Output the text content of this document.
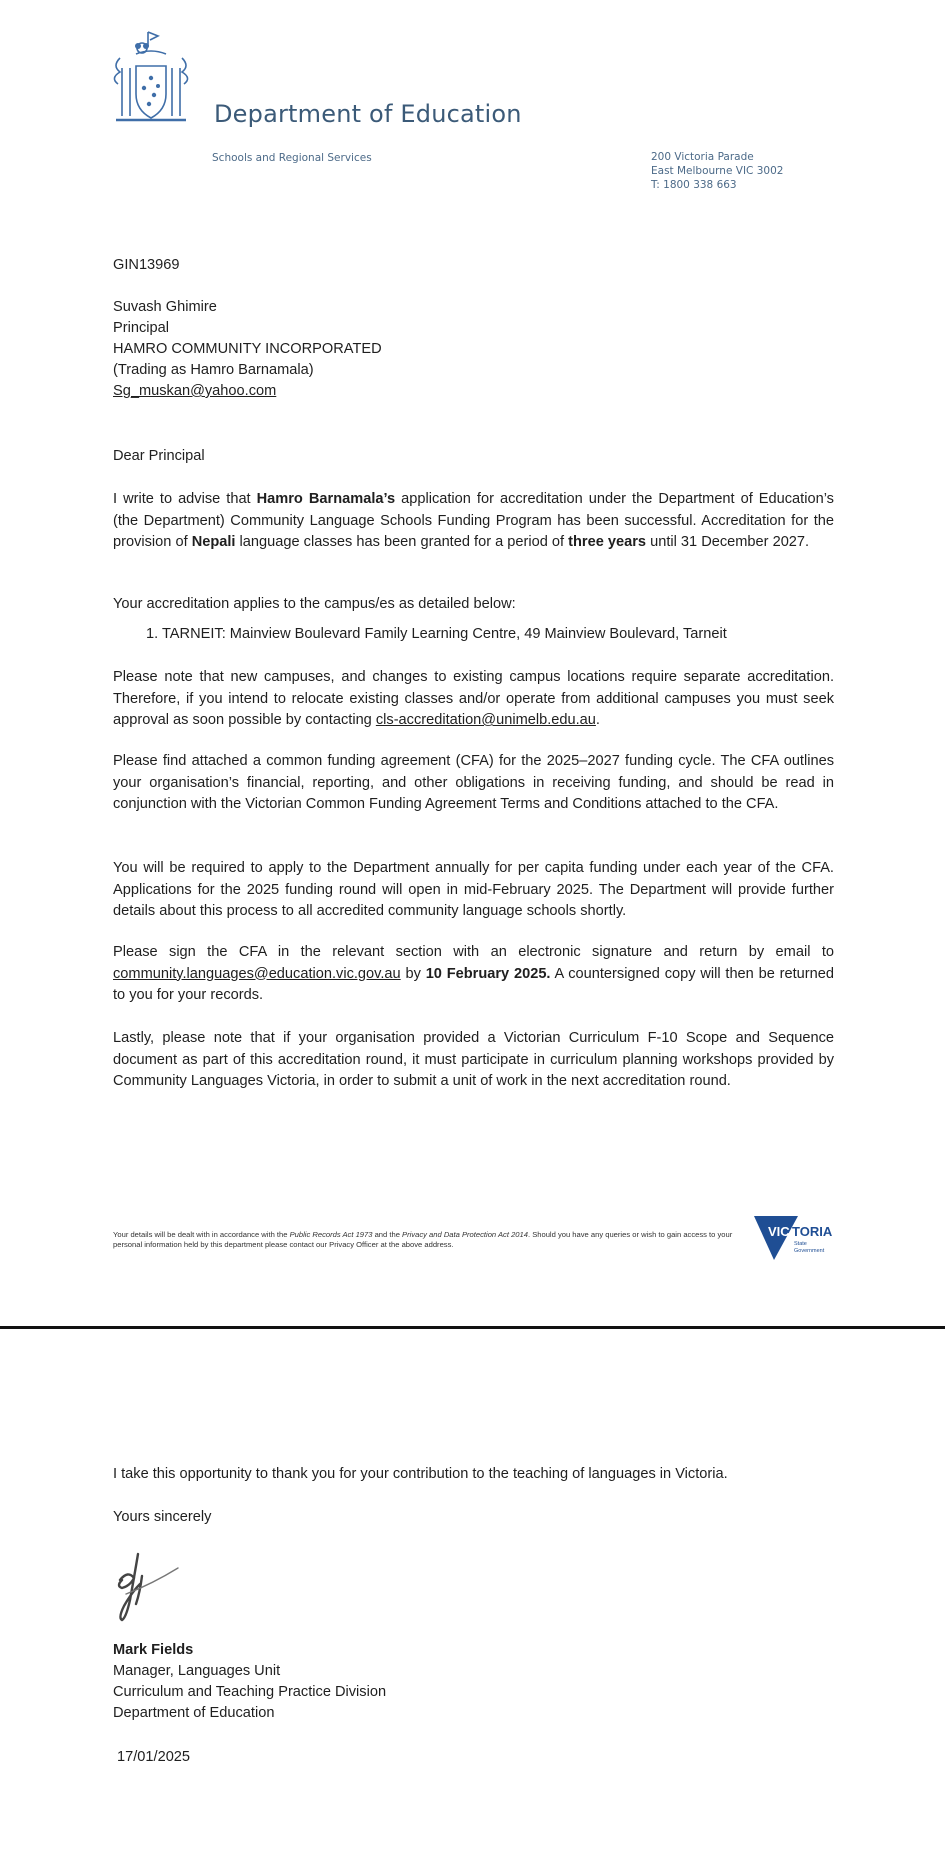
Department of Education
Schools and Regional Services	200 Victoria Parade
East Melbourne VIC 3002
T: 1800 338 663
GIN13969
Suvash Ghimire
Principal
HAMRO COMMUNITY INCORPORATED
(Trading as Hamro Barnamala)
Sg_muskan@yahoo.com
Dear Principal
I write to advise that Hamro Barnamala’s application for accreditation under the Department of Education’s (the Department) Community Language Schools Funding Program has been successful. Accreditation for the provision of Nepali language classes has been granted for a period of three years until 31 December 2027.
Your accreditation applies to the campus/es as detailed below:
1. TARNEIT: Mainview Boulevard Family Learning Centre, 49 Mainview Boulevard, Tarneit
Please note that new campuses, and changes to existing campus locations require separate accreditation. Therefore, if you intend to relocate existing classes and/or operate from additional campuses you must seek approval as soon possible by contacting cls-accreditation@unimelb.edu.au.
Please find attached a common funding agreement (CFA) for the 2025–2027 funding cycle. The CFA outlines your organisation’s financial, reporting, and other obligations in receiving funding, and should be read in conjunction with the Victorian Common Funding Agreement Terms and Conditions attached to the CFA.
You will be required to apply to the Department annually for per capita funding under each year of the CFA. Applications for the 2025 funding round will open in mid-February 2025. The Department will provide further details about this process to all accredited community language schools shortly.
Please sign the CFA in the relevant section with an electronic signature and return by email to community.languages@education.vic.gov.au by 10 February 2025. A countersigned copy will then be returned to you for your records.
Lastly, please note that if your organisation provided a Victorian Curriculum F-10 Scope and Sequence document as part of this accreditation round, it must participate in curriculum planning workshops provided by Community Languages Victoria, in order to submit a unit of work in the next accreditation round.
Your details will be dealt with in accordance with the Public Records Act 1973 and the Privacy and Data Protection Act 2014. Should you have any queries or wish to gain access to your personal information held by this department please contact our Privacy Officer at the above address.
VIC TORIA
State
Government
I take this opportunity to thank you for your contribution to the teaching of languages in Victoria.
Yours sincerely
Mark Fields
Manager, Languages Unit
Curriculum and Teaching Practice Division
Department of Education
17/01/2025
